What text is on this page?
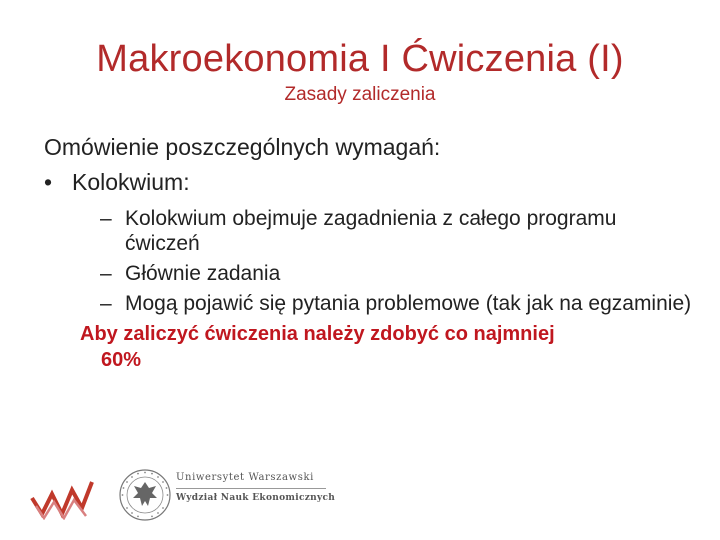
Makroekonomia I Ćwiczenia (I)
Zasady zaliczenia

Omówienie poszczególnych wymagań:

• Kolokwium:
– Kolokwium obejmuje zagadnienia z całego programu ćwiczeń
– Głównie zadania
– Mogą pojawić się pytania problemowe (tak jak na egzaminie)
Aby zaliczyć ćwiczenia należy zdobyć co najmniej
60%
Uniwersytet Warszawski
Wydział Nauk Ekonomicznych
